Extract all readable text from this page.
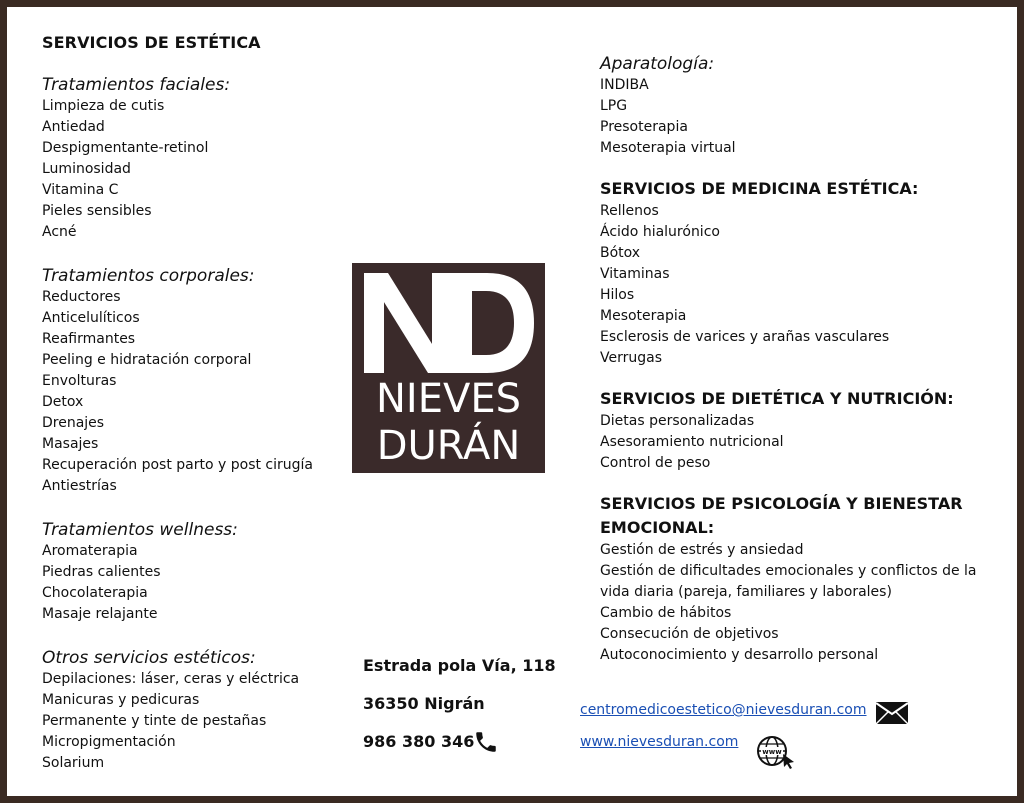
SERVICIOS DE ESTÉTICA
Tratamientos faciales:
Limpieza de cutis
Antiedad
Despigmentante-retinol
Luminosidad
Vitamina C
Pieles sensibles
Acné
Tratamientos corporales:
Reductores
Anticelulíticos
Reafirmantes
Peeling e hidratación corporal
Envolturas
Detox
Drenajes
Masajes
Recuperación post parto y post cirugía
Antiestrías
Tratamientos wellness:
Aromaterapia
Piedras calientes
Chocolaterapia
Masaje relajante
Otros servicios estéticos:
Depilaciones: láser, ceras y eléctrica
Manicuras y pedicuras
Permanente y tinte de pestañas
Micropigmentación
Solarium
NIEVES
DURÁN
Aparatología:
INDIBA
LPG
Presoterapia
Mesoterapia virtual
SERVICIOS DE MEDICINA ESTÉTICA:
Rellenos
Ácido hialurónico
Bótox
Vitaminas
Hilos
Mesoterapia
Esclerosis de varices y arañas vasculares
Verrugas
SERVICIOS DE DIETÉTICA Y NUTRICIÓN:
Dietas personalizadas
Asesoramiento nutricional
Control de peso
SERVICIOS DE PSICOLOGÍA Y BIENESTAR
EMOCIONAL:
Gestión de estrés y ansiedad
Gestión de dificultades emocionales y conflictos de la vida diaria (pareja, familiares y laborales)
Cambio de hábitos
Consecución de objetivos
Autoconocimiento y desarrollo personal
Estrada pola Vía, 118
36350 Nigrán
986 380 346
centromedicoestetico@nievesduran.com
www.nievesduran.com
www
